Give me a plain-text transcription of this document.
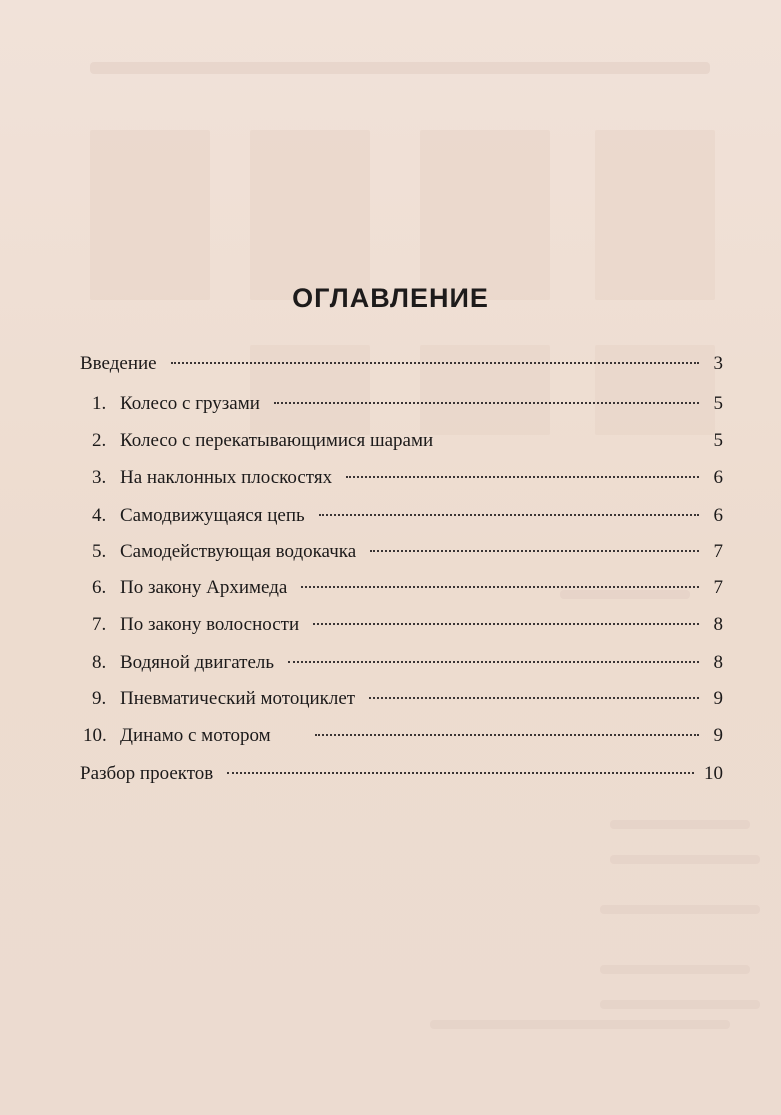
ОГЛАВЛЕНИЕ
Введение	3
1. Колесо с грузами	5
2. Колесо с перекатывающимися шарами	5
3. На наклонных плоскостях	6
4. Самодвижущаяся цепь	6
5. Самодействующая водокачка	7
6. По закону Архимеда	7
7. По закону волосности	8
8. Водяной двигатель	8
9. Пневматический мотоциклет	9
10. Динамо с мотором	9
Разбор проектов	10
